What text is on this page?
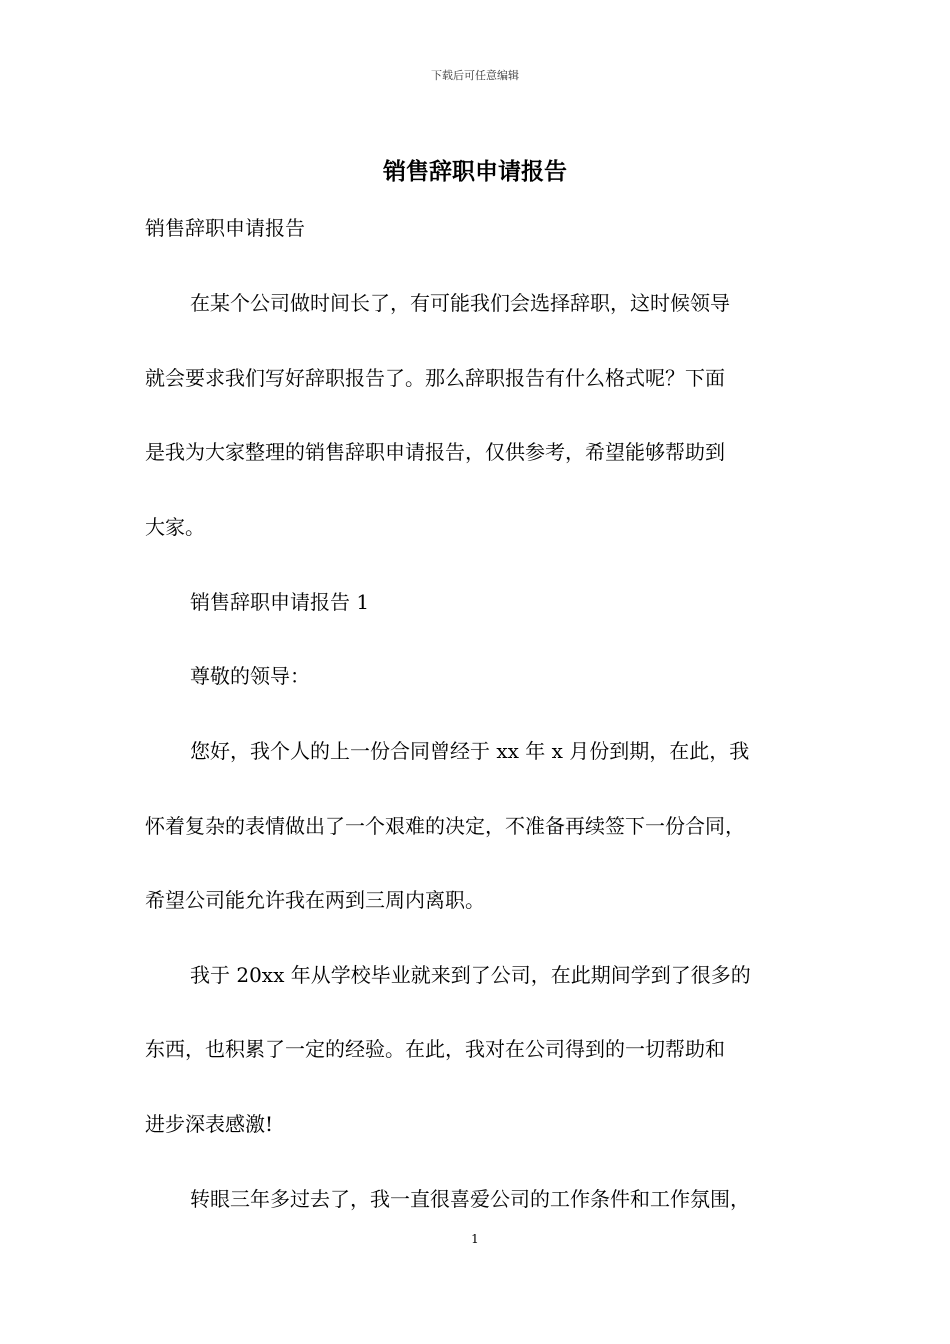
下载后可任意编辑
销售辞职申请报告
销售辞职申请报告
在某个公司做时间长了，有可能我们会选择辞职，这时候领导
就会要求我们写好辞职报告了。那么辞职报告有什么格式呢？下面
是我为大家整理的销售辞职申请报告，仅供参考，希望能够帮助到
大家。
销售辞职申请报告 1
尊敬的领导：
您好，我个人的上一份合同曾经于 xx 年 x 月份到期，在此，我
怀着复杂的表情做出了一个艰难的决定，不准备再续签下一份合同，
希望公司能允许我在两到三周内离职。
我于 20xx 年从学校毕业就来到了公司，在此期间学到了很多的
东西，也积累了一定的经验。在此，我对在公司得到的一切帮助和
进步深表感激!
转眼三年多过去了，我一直很喜爱公司的工作条件和工作氛围，
1
